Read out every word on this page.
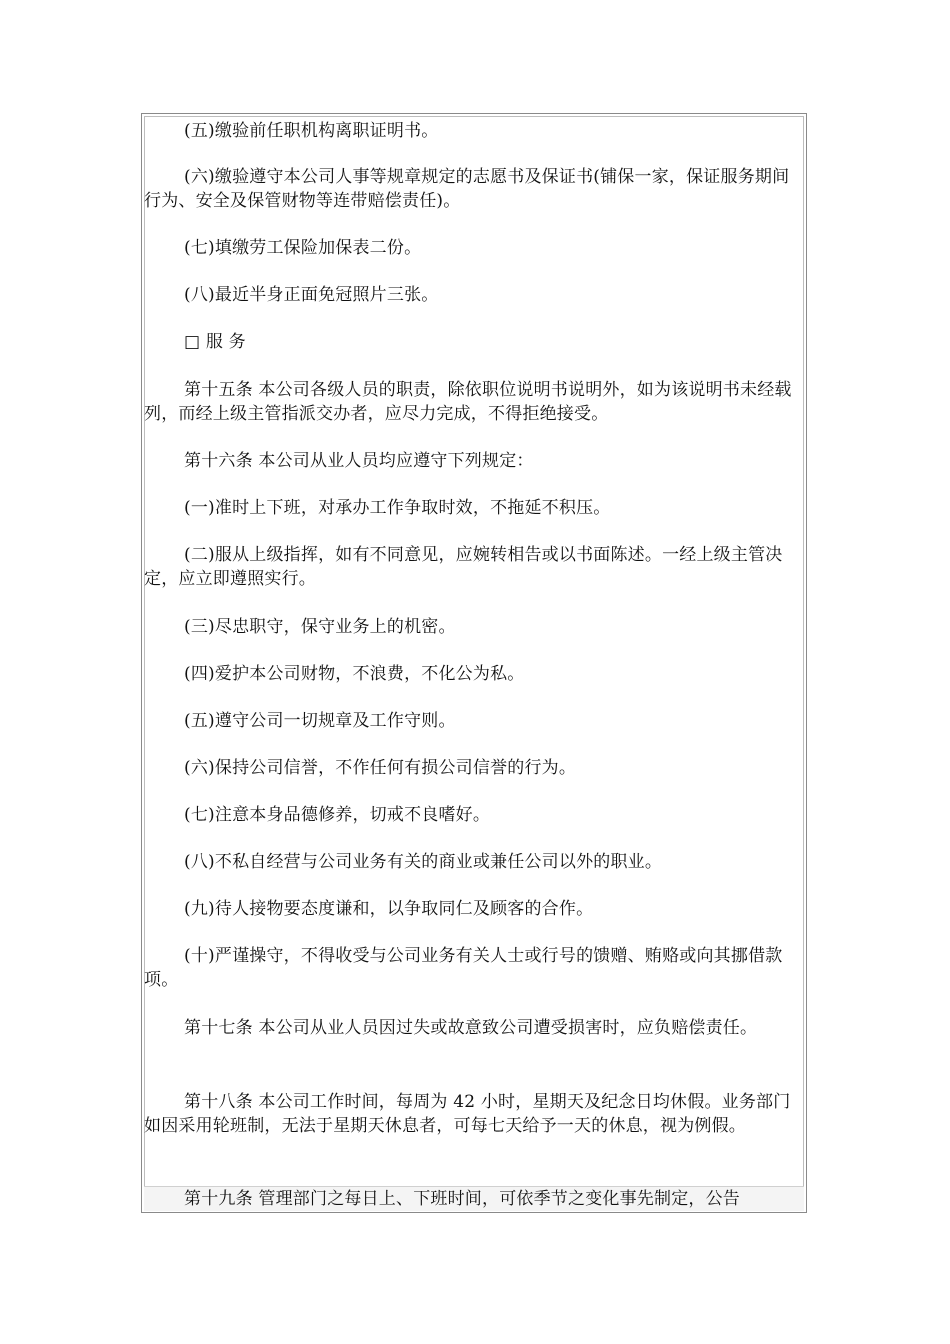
(五)缴验前任职机构离职证明书。

(六)缴验遵守本公司人事等规章规定的志愿书及保证书(铺保一家，保证服务期间行为、安全及保管财物等连带赔偿责任)。

(七)填缴劳工保险加保表二份。

(八)最近半身正面免冠照片三张。

□ 服 务

第十五条 本公司各级人员的职责，除依职位说明书说明外，如为该说明书未经载列，而经上级主管指派交办者，应尽力完成，不得拒绝接受。

第十六条 本公司从业人员均应遵守下列规定：

(一)准时上下班，对承办工作争取时效，不拖延不积压。

(二)服从上级指挥，如有不同意见，应婉转相告或以书面陈述。一经上级主管决定，应立即遵照实行。

(三)尽忠职守，保守业务上的机密。

(四)爱护本公司财物，不浪费，不化公为私。

(五)遵守公司一切规章及工作守则。

(六)保持公司信誉，不作任何有损公司信誉的行为。

(七)注意本身品德修养，切戒不良嗜好。

(八)不私自经营与公司业务有关的商业或兼任公司以外的职业。

(九)待人接物要态度谦和，以争取同仁及顾客的合作。

(十)严谨操守，不得收受与公司业务有关人士或行号的馈赠、贿赂或向其挪借款项。

第十七条 本公司从业人员因过失或故意致公司遭受损害时，应负赔偿责任。

第十八条 本公司工作时间，每周为 42 小时，星期天及纪念日均休假。业务部门如因采用轮班制，无法于星期天休息者，可每七天给予一天的休息，视为例假。

第十九条 管理部门之每日上、下班时间，可依季节之变化事先制定，公告
